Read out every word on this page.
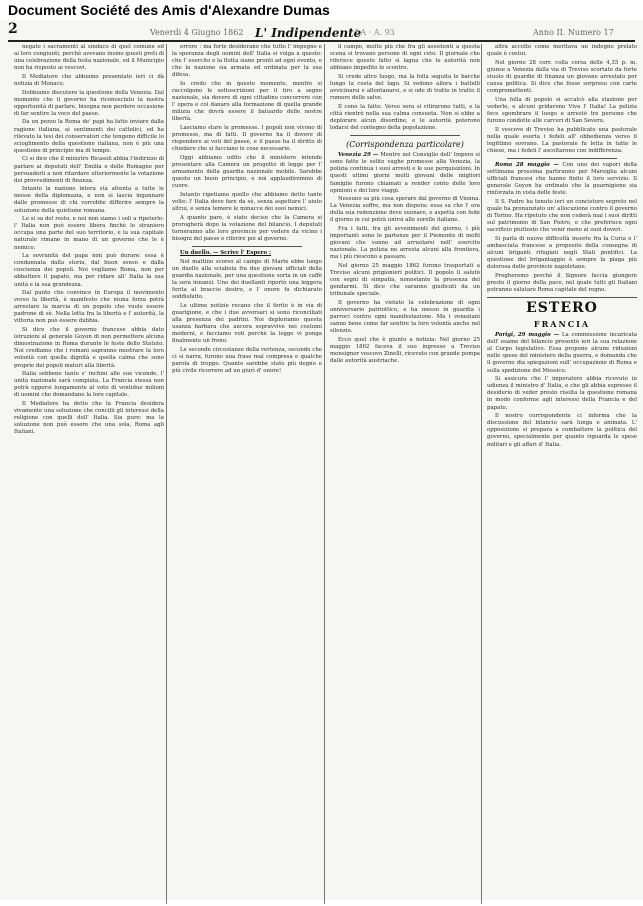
Document Société des Amis d'Alexandre Dumas
2	Venerdi 4 Giugno 1862 L' Indipendente
LA · A. 93	Anno II. Numero 17

negato i sacramenti al sindaco di quel comune ed ai loro congiunti, perchè avevano insino questi preti di una celebrazione della festa nazionale, ed il Municipio non ha risposto ai vescovi.

Il Mediatore che abbiamo presentato ieri ci dà notizia di Monaco.

Dobbiamo discutere la questione della Venezia. Dal momento che il governo ha riconosciuto la nostra opportunità di parlare, bisogna non perdere occasione di far sentire la voce del paese.

Da un pezzo la Roma de' papi ha fatto inviare dalla ragione italiana, ai sentimenti dei cattolici, ed ha rilevato la tesi dei conservatori che tengono difficile lo scioglimento della questione italiana, non è più una questione di principio ma di tempo.

Ci si dice che il ministro Ricasoli abbia l'indirizzo di parlare ai deputati dell' Emilia e delle Romagne per persuaderli a non ritardare ulteriormente la votazione dei provvedimenti di finanza.

Intanto la nazione intera sta attenta a tutte le mosse della diplomazia, e non si lascia ingannare dalle promesse di chi vorrebbe differire sempre la soluzione della quistione romana.

Lo si sa del resto, e noi non siamo i soli a ripeterlo: l' Italia non può essere libera finchè lo straniero occupa una parte del suo territorio, e la sua capitale naturale rimane in mano di un governo che le è nemico.

La sovranità del papa non può durare: essa è condannata dalla storia, dal buon senso e dalla coscienza dei popoli. Noi vogliamo Roma, non per abbattere il papato, ma per ridare all' Italia la sua unità e la sua grandezza.

Dal punto che convince in Europa il movimento verso la libertà, è manifesto che niuna forza potrà arrestare la marcia di un popolo che vuole essere padrone di sè. Nella lotta fra la libertà e l' autorità, la vittoria non può essere dubbia.

Si dice che il governo francese abbia dato istruzioni al generale Goyon di non permettere alcuna dimostrazione in Roma durante le feste dello Statuto. Noi crediamo che i romani sapranno mostrare la loro volontà con quella dignità e quella calma che sono proprie dei popoli maturi alla libertà.

Italia sebbene tanto s' inchini alle sue vicende, l' unità nazionale sarà compiuta. La Francia stessa non potrà opporsi lungamente al voto di ventidue milioni di uomini che domandano la loro capitale.

Il Mediatore ha detto che la Francia desidera vivamente una soluzione che concilii gli interessi della religione con quelli dell' Italia. Sia pure: ma la soluzione non può essere che una sola, Roma agli Italiani.

errore : ma forte desiderano che tutto l' impegno e la speranza degli uomini dell' Italia si volga a questo: che l' esercito e la flotta siano pronti ad ogni evento, e che la nazione sia armata ed ordinata per la sua difesa.

Io credo che in questo momento, mentre si raccolgono le sottoscrizioni per il tiro a segno nazionale, sia dovere di ogni cittadino concorrere con l' opera e col danaro alla formazione di quella grande milizia che dovrà essere il baluardo delle nostre libertà.

Lasciamo stare le promesse. I popoli non vivono di promesse, ma di fatti. Il governo ha il dovere di rispondere ai voti del paese, e il paese ha il diritto di chiedere che si facciano le cose necessarie.

Oggi abbiamo udito che il ministero intende presentare alla Camera un progetto di legge per l' armamento della guardia nazionale mobile. Sarebbe questo un buon principio, e noi applaudiremmo di cuore.

Intanto ripetiamo quello che abbiamo detto tante volte: l' Italia deve fare da sè, senza aspettare l' aiuto altrui, e senza temere le minacce dei suoi nemici.

A quanto pare, è stato deciso che la Camera si prorogherà dopo la votazione del bilancio. I deputati torneranno alle loro provincie per vedere da vicino i bisogni del paese e riferire poi al governo.

Un duello. — Scrive l' Espero :

Nel mattino scorso al campo di Marte ebbe luogo un duello alla sciabola fra due giovani ufficiali della guardia nazionale, per una questione sorta in un caffè la sera innanzi. Uno dei duellanti riportò una leggera ferita al braccio destro, e l' onore fu dichiarato soddisfatto.

Le ultime notizie recano che il ferito è in via di guarigione, e che i due avversari si sono riconciliati alla presenza dei padrini. Noi deploriamo questa usanza barbara che ancora sopravvive nei costumi moderni, e facciamo voti perchè la legge vi ponga finalmente un freno.

Le seconde circostanze della vertenza, secondo che ci si narra, furono una frase mal compresa e qualche parola di troppo. Quanto sarebbe stato più degno e più civile ricorrere ad un giurì d' onore!

il campo, molto più che fra gli assistenti a questa scena si trovano persone di ogni ceto. Il giornale che riferisce questo fatto si lagna che le autorità non abbiano impedito lo scontro.

Si crede altro luogo, ma la folla seguita le barche lungo la costa del lago. Si vedono allora i battelli avvicinarsi e allontanarsi, e si ode di tratto in tratto il rumore delle salve.

Il cono la fatto. Verso sera si ritirarono tutti, e la città rientrò nella sua calma consueta. Non si ebbe a deplorare alcun disordine, e le autorità poterono lodarsi del contegno della popolazione.

(Corrispondenza particolare)

Venezia 29 — Mentre nel Consiglio dell' Impero si sono fatte le solite vaghe promesse alla Venezia, la polizia continua i suoi arresti e le sue perquisizioni. In questi ultimi giorni molti giovani delle migliori famiglie furono chiamati a render conto delle loro opinioni e dei loro viaggi.

Nessuno sa più cosa sperare dal governo di Vienna. La Venezia soffre, ma non dispera: essa sa che l' ora della sua redenzione deve suonare, e aspetta con fede il giorno in cui potrà unirsi alle sorelle italiane.

Fra i fatti, fra gli avvenimenti del giorno, i più importanti sono le partenze per il Piemonte di molti giovani che vanno ad arruolarsi nell' esercito nazionale. La polizia ne arresta alcuni alla frontiera, ma i più riescono a passare.

Nel giorno 25 maggio 1862 furono trasportati a Treviso alcuni prigionieri politici. Il popolo li salutò con segni di simpatia, nonostante la presenza dei gendarmi. Si dice che saranno giudicati da un tribunale speciale.

Il governo ha vietato la celebrazione di ogni anniversario patriottico, e ha messo in guardia i parroci contro ogni manifestazione. Ma i veneziani sanno bene come far sentire la loro volontà anche nel silenzio.

Ecco quel che è giunto a notizia: Nel giorno 25 maggio 1862 faceva il suo ingresso a Treviso monsignor vescovo Zinelli, ricevuto con grande pompa dalle autorità austriache.

altra accolte come meritava un indegno prelato quale è costui.

Nel giorno 28 corr. colla corsa delle 4,35 p. m. giunse a Venezia dalla via di Treviso scortato da forte stuolo di guardie di finanza un giovane arrestato per causa politica. Si dice che fosse sorpreso con carte compromettenti.

Una folla di popolo si accalcò alla stazione per vederlo, e alcuni gridarono Viva l' Italia! La polizia fece sgombrare il luogo e arrestò tre persone che furono condotte alle carceri di San Severo.

Il vescovo di Treviso ha pubblicato una pastorale nella quale esorta i fedeli all' obbedienza verso il legittimo sovrano. La pastorale fu letta in tutte le chiese, ma i fedeli l' ascoltarono con indifferenza.

Roma 28 maggio — Con uno dei vapori della settimana prossima partiranno per Marsiglia alcuni ufficiali francesi che hanno finito il loro servizio. Il generale Goyon ha ordinato che la guarnigione sia rinforzata in vista delle feste.

Il S. Padre ha tenuto ieri un concistoro segreto nel quale ha pronunziato un' allocuzione contro il governo di Torino. Ha ripetuto che non cederà mai i suoi diritti sul patrimonio di San Pietro, e che preferisce ogni sacrificio piuttosto che venir meno ai suoi doveri.

Si parla di nuove difficoltà insorte fra la Curia e l' ambasciata francese a proposito della consegna di alcuni briganti rifugiati negli Stati pontifici. La questione del brigantaggio è sempre la piaga più dolorosa delle provincie napoletane.

Pregheremo perchè il Signore faccia giungere presto il giorno della pace, nel quale tutti gli Italiani potranno salutare Roma capitale del regno.

ESTERO
FRANCIA

Parigi, 29 maggio — La commissione incaricata dell' esame del bilancio presentò ieri la sua relazione al Corpo legislativo. Essa propone alcune riduzioni nelle spese del ministero della guerra, e domanda che il governo dia spiegazioni sull' occupazione di Roma e sulla spedizione del Messico.

Si assicura che l' imperatore abbia ricevuto in udienza il ministro d' Italia, e che gli abbia espresso il desiderio di veder presto risolta la questione romana in modo conforme agli interessi della Francia e del papato.

Il nostro corrispondente ci informa che la discussione del bilancio sarà lunga e animata. L' opposizione si prepara a combattere la politica del governo, specialmente per quanto riguarda le spese militari e gli affari d' Italia.
